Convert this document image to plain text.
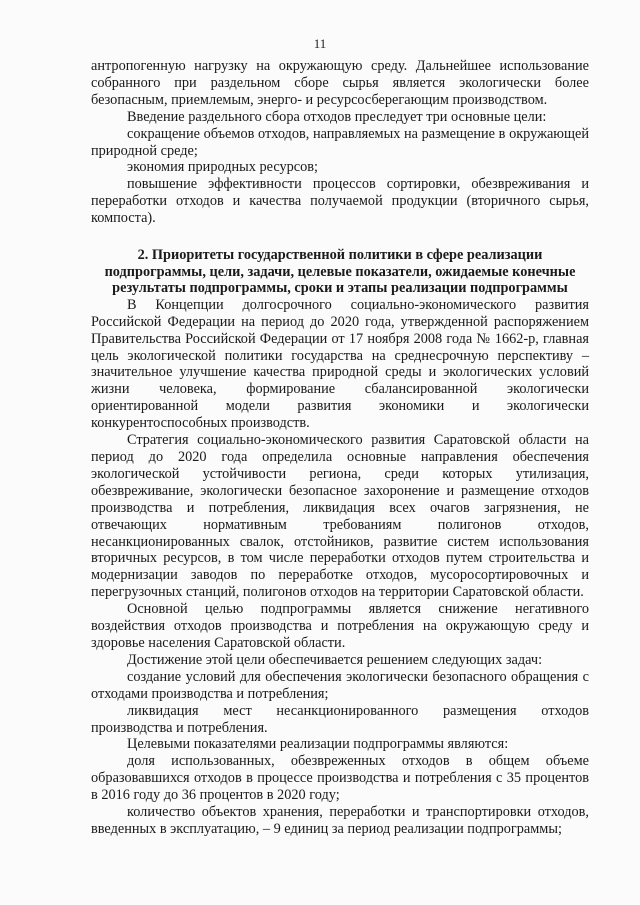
11

антропогенную нагрузку на окружающую среду. Дальнейшее использование собранного при раздельном сборе сырья является экологически более безопасным, приемлемым, энерго- и ресурсосберегающим производством.

Введение раздельного сбора отходов преследует три основные цели:

сокращение объемов отходов, направляемых на размещение в окружающей природной среде;

экономия природных ресурсов;

повышение эффективности процессов сортировки, обезвреживания и переработки отходов и качества получаемой продукции (вторичного сырья, компоста).

2. Приоритеты государственной политики в сфере реализации подпрограммы, цели, задачи, целевые показатели, ожидаемые конечные результаты подпрограммы, сроки и этапы реализации подпрограммы

В Концепции долгосрочного социально-экономического развития Российской Федерации на период до 2020 года, утвержденной распоряжением Правительства Российской Федерации от 17 ноября 2008 года № 1662-р, главная цель экологической политики государства на среднесрочную перспективу – значительное улучшение качества природной среды и экологических условий жизни человека, формирование сбалансированной экологически ориентированной модели развития экономики и экологически конкурентоспособных производств.

Стратегия социально-экономического развития Саратовской области на период до 2020 года определила основные направления обеспечения экологической устойчивости региона, среди которых утилизация, обезвреживание, экологически безопасное захоронение и размещение отходов производства и потребления, ликвидация всех очагов загрязнения, не отвечающих нормативным требованиям полигонов отходов, несанкционированных свалок, отстойников, развитие систем использования вторичных ресурсов, в том числе переработки отходов путем строительства и модернизации заводов по переработке отходов, мусоросортировочных и перегрузочных станций, полигонов отходов на территории Саратовской области.

Основной целью подпрограммы является снижение негативного воздействия отходов производства и потребления на окружающую среду и здоровье населения Саратовской области.

Достижение этой цели обеспечивается решением следующих задач:

создание условий для обеспечения экологически безопасного обращения с отходами производства и потребления;

ликвидация мест несанкционированного размещения отходов производства и потребления.

Целевыми показателями реализации подпрограммы являются:

доля использованных, обезвреженных отходов в общем объеме образовавшихся отходов в процессе производства и потребления с 35 процентов в 2016 году до 36 процентов в 2020 году;

количество объектов хранения, переработки и транспортировки отходов, введенных в эксплуатацию, – 9 единиц за период реализации подпрограммы;
